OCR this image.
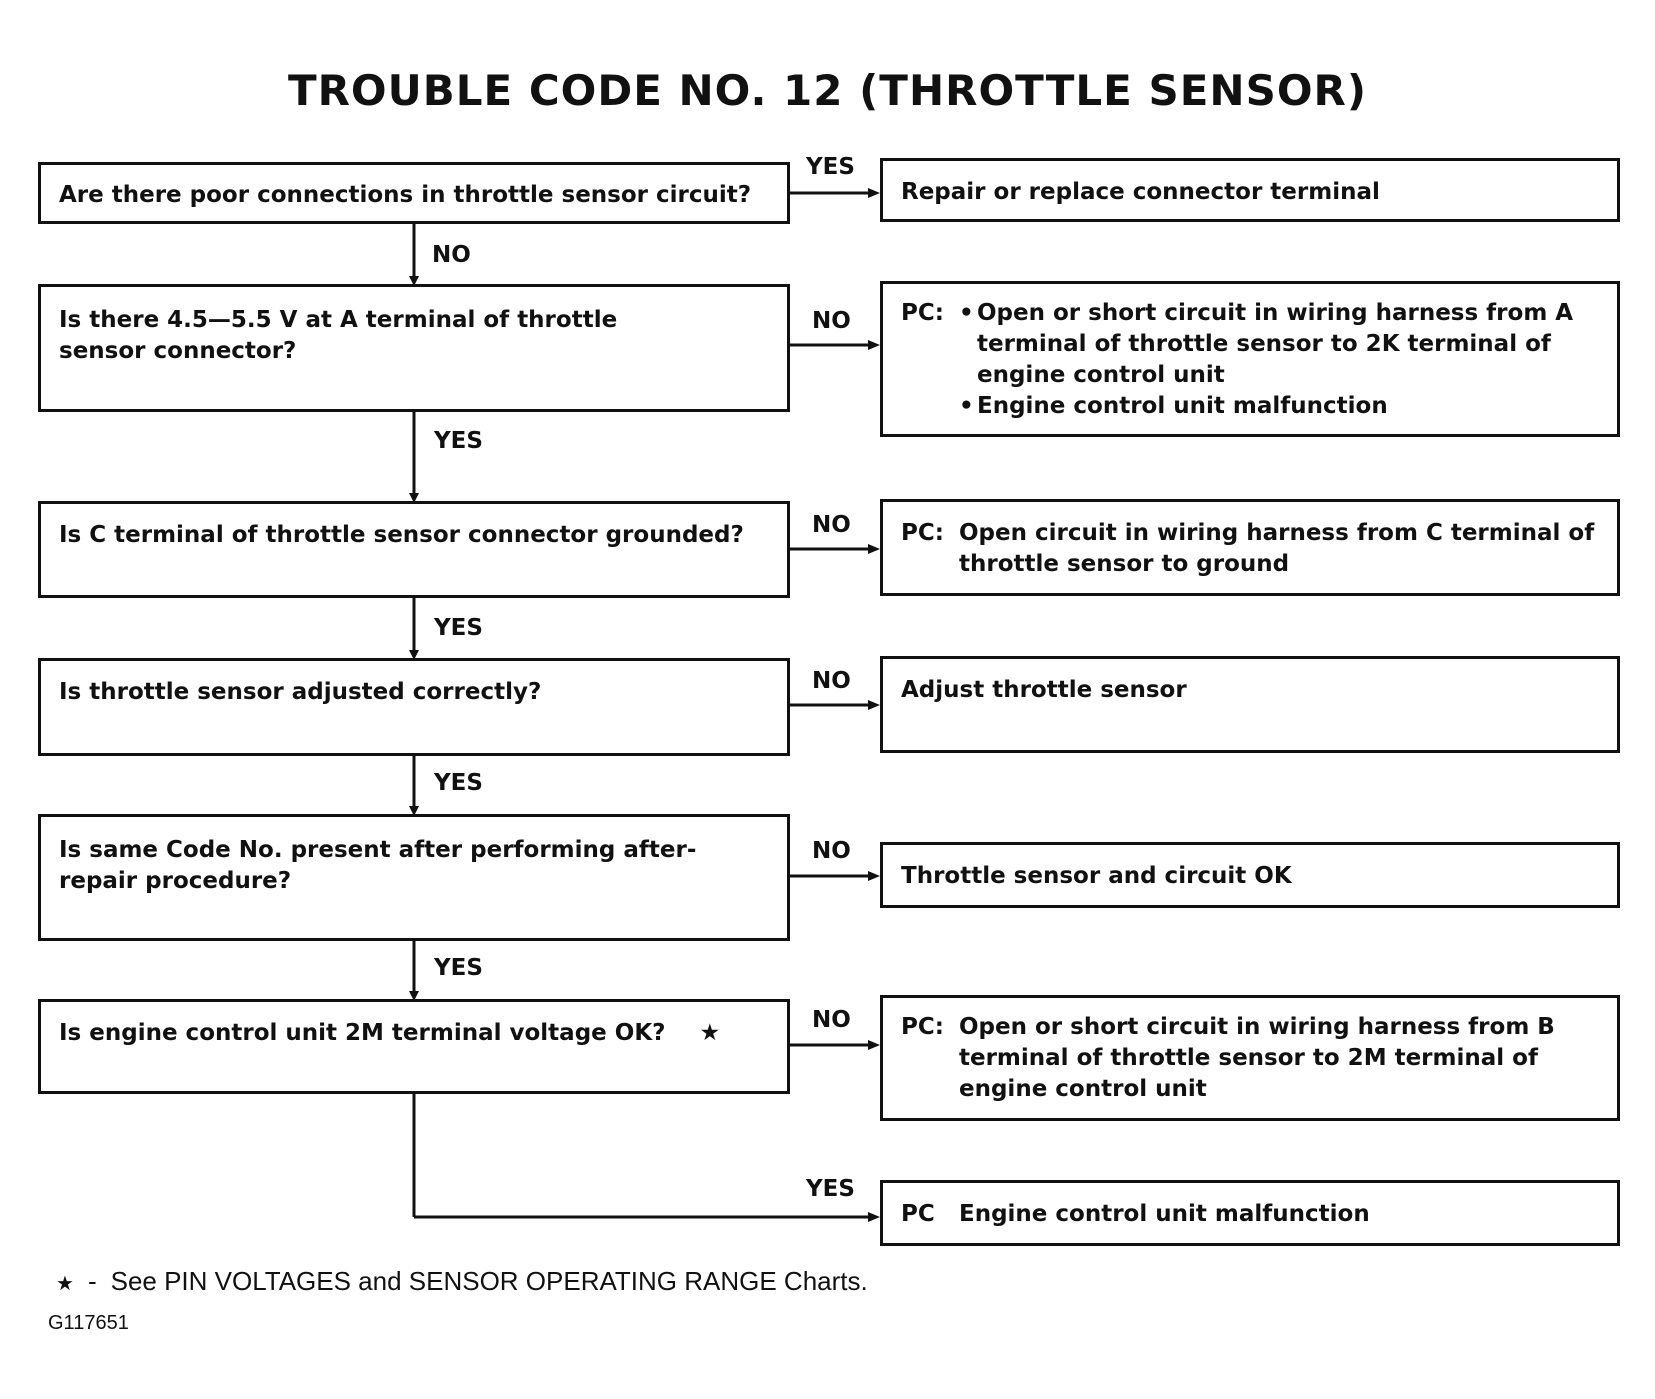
TROUBLE CODE NO. 12 (THROTTLE SENSOR)
Are there poor connections in throttle sensor circuit?
Is there 4.5—5.5 V at A terminal of throttle sensor connector?
Is C terminal of throttle sensor connector grounded?
Is throttle sensor adjusted correctly?
Is same Code No. present after performing after-repair procedure?
Is engine control unit 2M terminal voltage OK? ★
Repair or replace connector terminal
PC: • Open or short circuit in wiring harness from A terminal of throttle sensor to 2K terminal of engine control unit
• Engine control unit malfunction
PC: Open circuit in wiring harness from C terminal of throttle sensor to ground
Adjust throttle sensor
Throttle sensor and circuit OK
PC: Open or short circuit in wiring harness from B terminal of throttle sensor to 2M terminal of engine control unit
PC	Engine control unit malfunction
YES
NO
NO
YES
NO
YES
NO
YES
NO
YES
NO
YES
★ - See PIN VOLTAGES and SENSOR OPERATING RANGE Charts.
G117651
